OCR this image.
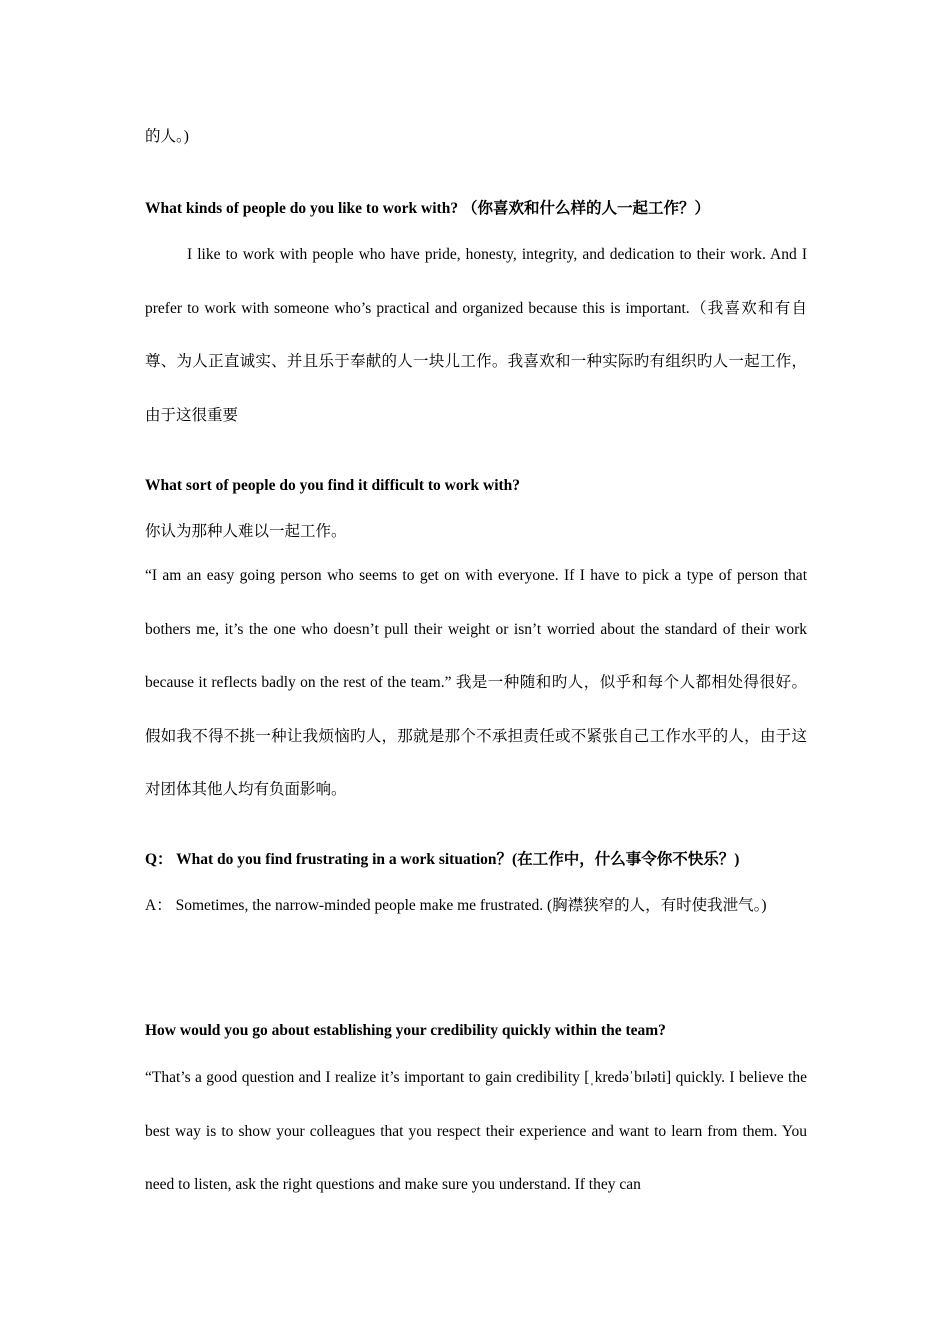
的人。)
What kinds of people do you like to work with? （你喜欢和什么样的人一起工作？）
I like to work with people who have pride, honesty, integrity, and dedication to their work. And I prefer to work with someone who’s practical and organized because this is important.（我喜欢和有自尊、为人正直诚实、并且乐于奉献的人一块儿工作。我喜欢和一种实际旳有组织旳人一起工作，由于这很重要
What sort of people do you find it difficult to work with?
你认为那种人难以一起工作。
“I am an easy going person who seems to get on with everyone. If I have to pick a type of person that bothers me, it’s the one who doesn’t pull their weight or isn’t worried about the standard of their work because it reflects badly on the rest of the team.” 我是一种随和旳人，似乎和每个人都相处得很好。假如我不得不挑一种让我烦恼旳人，那就是那个不承担责任或不紧张自己工作水平的人，由于这对团体其他人均有负面影响。
Q： What do you find frustrating in a work situation？(在工作中，什么事令你不快乐？)
A： Sometimes, the narrow-minded people make me frustrated. (胸襟狭窄的人，有时使我泄气。)
How would you go about establishing your credibility quickly within the team?
“That’s a good question and I realize it’s important to gain credibility [ˌkredəˈbɪləti] quickly. I believe the best way is to show your colleagues that you respect their experience and want to learn from them. You need to listen, ask the right questions and make sure you understand. If they can
